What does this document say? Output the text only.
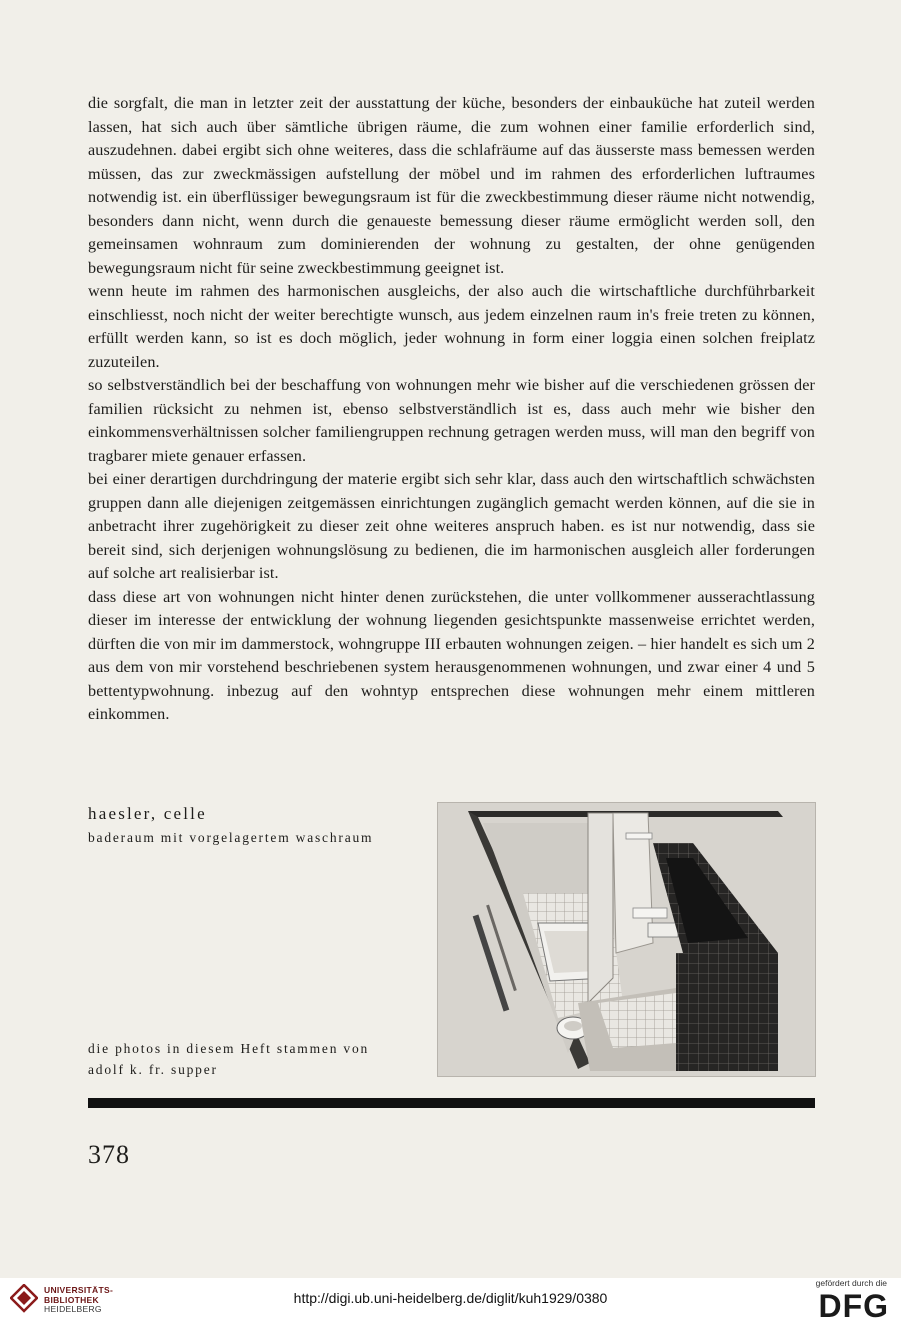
die sorgfalt, die man in letzter zeit der ausstattung der küche, besonders der einbauküche hat zuteil werden lassen, hat sich auch über sämtliche übrigen räume, die zum wohnen einer familie erforderlich sind, auszudehnen. dabei ergibt sich ohne weiteres, dass die schlafräume auf das äusserste mass bemessen werden müssen, das zur zweckmässigen aufstellung der möbel und im rahmen des erforderlichen luftraumes notwendig ist. ein überflüssiger bewegungsraum ist für die zweckbestimmung dieser räume nicht notwendig, besonders dann nicht, wenn durch die genaueste bemessung dieser räume ermöglicht werden soll, den gemeinsamen wohnraum zum dominierenden der wohnung zu gestalten, der ohne genügenden bewegungsraum nicht für seine zweckbestimmung geeignet ist.

wenn heute im rahmen des harmonischen ausgleichs, der also auch die wirtschaftliche durchführbarkeit einschliesst, noch nicht der weiter berechtigte wunsch, aus jedem einzelnen raum in's freie treten zu können, erfüllt werden kann, so ist es doch möglich, jeder wohnung in form einer loggia einen solchen freiplatz zuzuteilen.

so selbstverständlich bei der beschaffung von wohnungen mehr wie bisher auf die verschiedenen grössen der familien rücksicht zu nehmen ist, ebenso selbstverständlich ist es, dass auch mehr wie bisher den einkommensverhältnissen solcher familiengruppen rechnung getragen werden muss, will man den begriff von tragbarer miete genauer erfassen.

bei einer derartigen durchdringung der materie ergibt sich sehr klar, dass auch den wirtschaftlich schwächsten gruppen dann alle diejenigen zeitgemässen einrichtungen zugänglich gemacht werden können, auf die sie in anbetracht ihrer zugehörigkeit zu dieser zeit ohne weiteres anspruch haben. es ist nur notwendig, dass sie bereit sind, sich derjenigen wohnungslösung zu bedienen, die im harmonischen ausgleich aller forderungen auf solche art realisierbar ist.

dass diese art von wohnungen nicht hinter denen zurückstehen, die unter vollkommener ausserachtlassung dieser im interesse der entwicklung der wohnung liegenden gesichtspunkte massenweise errichtet werden, dürften die von mir im dammerstock, wohngruppe III erbauten wohnungen zeigen. – hier handelt es sich um 2 aus dem von mir vorstehend beschriebenen system herausgenommenen wohnungen, und zwar einer 4 und 5 bettentypwohnung. inbezug auf den wohntyp entsprechen diese wohnungen mehr einem mittleren einkommen.

haesler, celle
baderaum mit vorgelagertem waschraum
die photos in diesem Heft stammen von
adolf k. fr. supper
378
UNIVERSITÄTS-
BIBLIOTHEK
HEIDELBERG
http://digi.ub.uni-heidelberg.de/diglit/kuh1929/0380
gefördert durch die
DFG
